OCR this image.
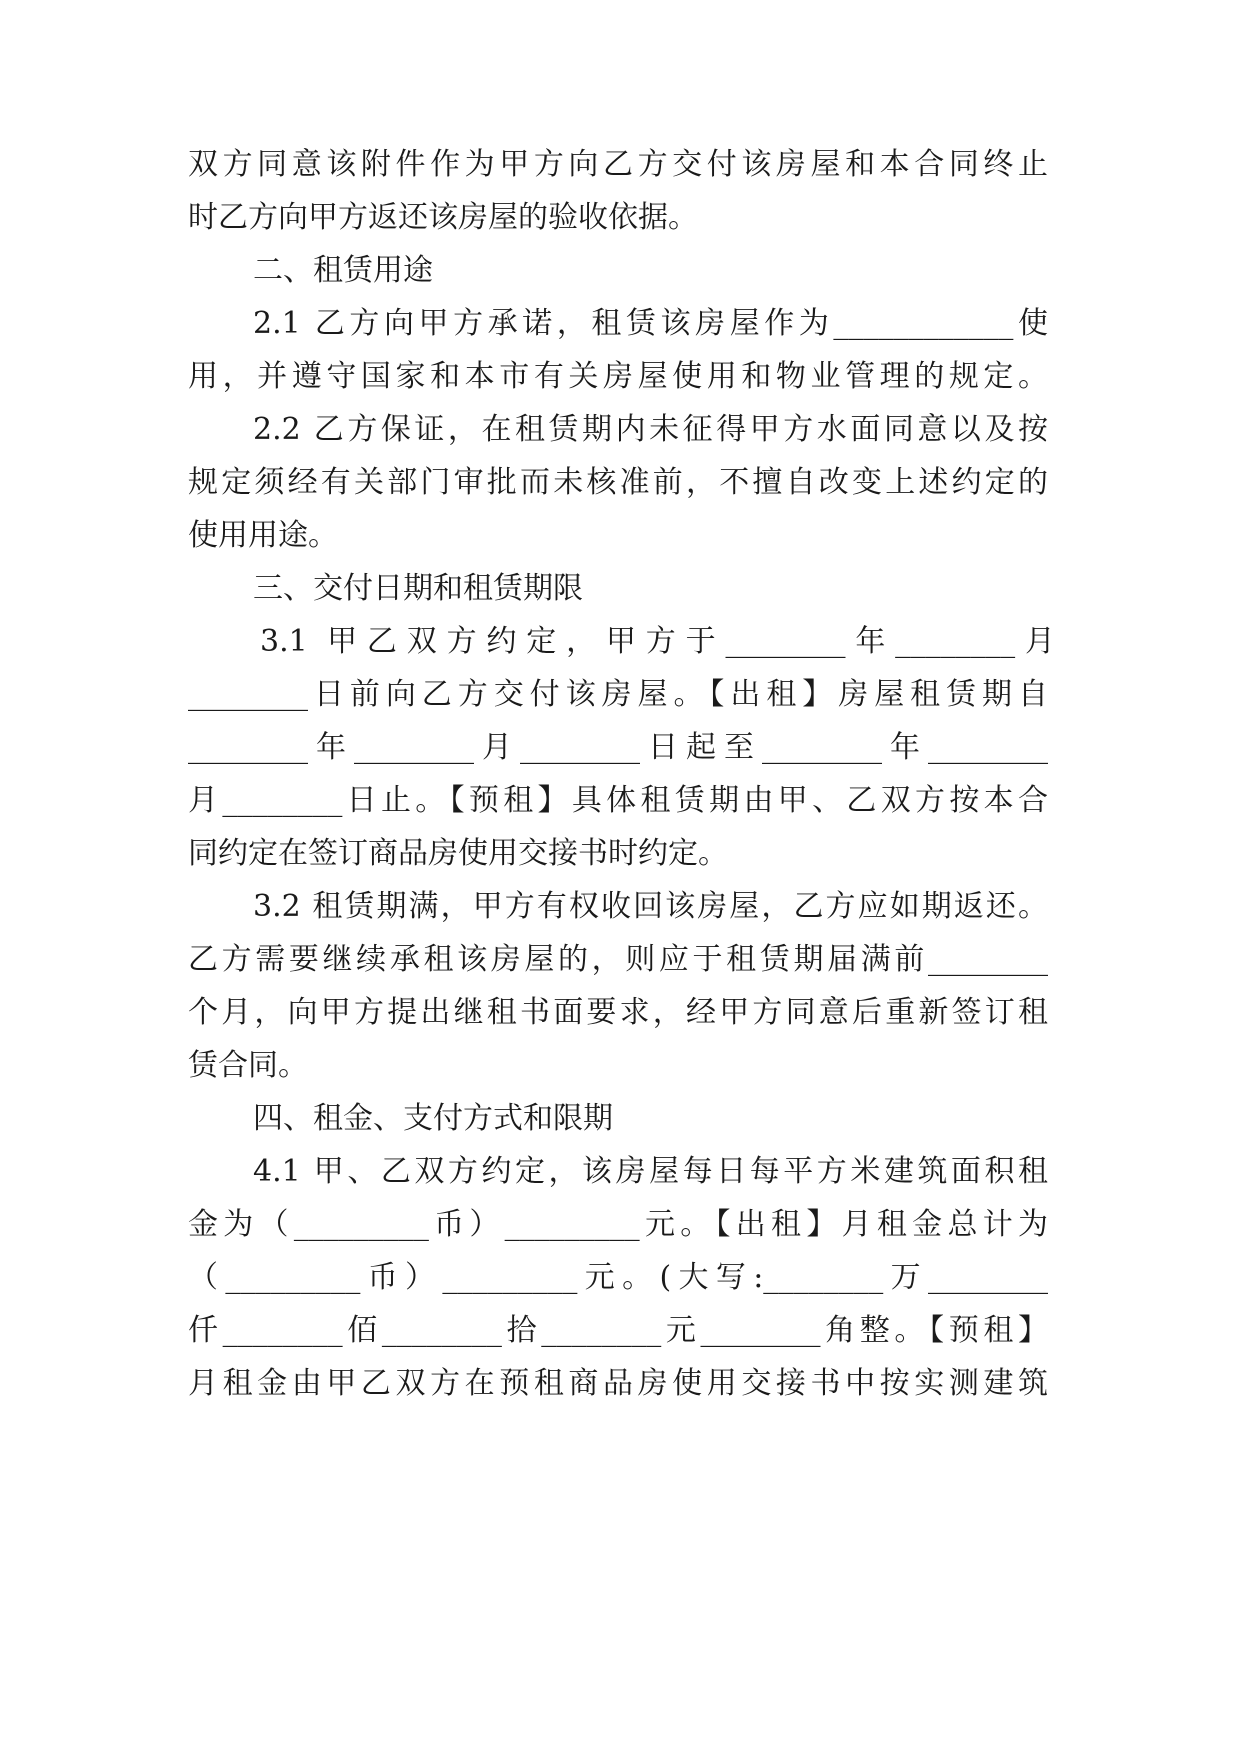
双方同意该附件作为甲方向乙方交付该房屋和本合同终止
时乙方向甲方返还该房屋的验收依据。
二、租赁用途
2.1 乙方向甲方承诺，租赁该房屋作为____________使
用，并遵守国家和本市有关房屋使用和物业管理的规定。
2.2 乙方保证，在租赁期内未征得甲方水面同意以及按
规定须经有关部门审批而未核准前，不擅自改变上述约定的
使用用途。
三、交付日期和租赁期限
3.1 甲乙双方约定，甲方于________年________月
________日前向乙方交付该房屋。【出租】房屋租赁期自
________年________月________日起至________年________
月________日止。【预租】具体租赁期由甲、乙双方按本合
同约定在签订商品房使用交接书时约定。
3.2 租赁期满，甲方有权收回该房屋，乙方应如期返还。
乙方需要继续承租该房屋的，则应于租赁期届满前________
个月，向甲方提出继租书面要求，经甲方同意后重新签订租
赁合同。
四、租金、支付方式和限期
4.1 甲、乙双方约定，该房屋每日每平方米建筑面积租
金为（_________币）_________元。【出租】月租金总计为
（_________币）_________元。(大写:________万________
仟________佰________拾________元________角整。【预租】
月租金由甲乙双方在预租商品房使用交接书中按实测建筑
